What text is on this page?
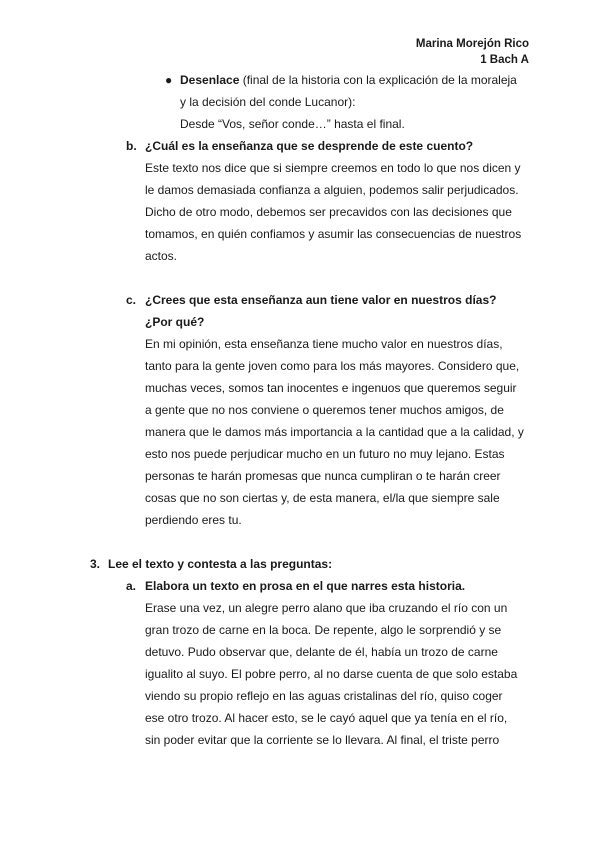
Marina Morejón Rico
1 Bach A
● Desenlace (final de la historia con la explicación de la moraleja
y la decisión del conde Lucanor):
Desde “Vos, señor conde…” hasta el final.
b. ¿Cuál es la enseñanza que se desprende de este cuento?
Este texto nos dice que si siempre creemos en todo lo que nos dicen y
le damos demasiada confianza a alguien, podemos salir perjudicados.
Dicho de otro modo, debemos ser precavidos con las decisiones que
tomamos, en quién confiamos y asumir las consecuencias de nuestros
actos.
c. ¿Crees que esta enseñanza aun tiene valor en nuestros días?
¿Por qué?
En mi opinión, esta enseñanza tiene mucho valor en nuestros días,
tanto para la gente joven como para los más mayores. Considero que,
muchas veces, somos tan inocentes e ingenuos que queremos seguir
a gente que no nos conviene o queremos tener muchos amigos, de
manera que le damos más importancia a la cantidad que a la calidad, y
esto nos puede perjudicar mucho en un futuro no muy lejano. Estas
personas te harán promesas que nunca cumpliran o te harán creer
cosas que no son ciertas y, de esta manera, el/la que siempre sale
perdiendo eres tu.
3. Lee el texto y contesta a las preguntas:
a. Elabora un texto en prosa en el que narres esta historia.
Erase una vez, un alegre perro alano que iba cruzando el río con un
gran trozo de carne en la boca. De repente, algo le sorprendió y se
detuvo. Pudo observar que, delante de él, había un trozo de carne
igualito al suyo. El pobre perro, al no darse cuenta de que solo estaba
viendo su propio reflejo en las aguas cristalinas del río, quiso coger
ese otro trozo. Al hacer esto, se le cayó aquel que ya tenía en el río,
sin poder evitar que la corriente se lo llevara. Al final, el triste perro
